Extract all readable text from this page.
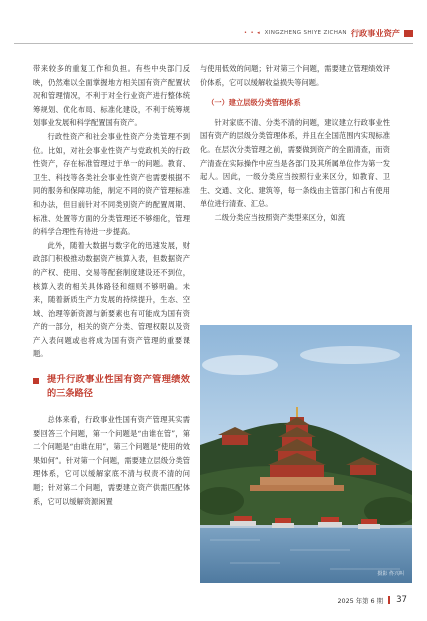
• • ◂ XINGZHENG SHIYE ZICHAN 行政事业资产

带来较多的重复工作和负担。有些中央部门反映，仍然难以全面掌握地方相关国有资产配置状况和管理情况，不利于对全行业资产进行整体统筹规划、优化布局、标准化建设，不利于统筹规划事业发展和科学配置国有资产。

行政性资产和社会事业性资产分类管理不到位。比如，对社会事业性资产与党政机关的行政性资产，存在标准管理过于单一的问题。教育、卫生、科技等各类社会事业性资产也需要根据不同的服务和保障功能，制定不同的资产管理标准和办法，但目前针对不同类别资产的配置周期、标准、处置等方面的分类管理还不够细化，管理的科学合理性有待进一步提高。

此外，随着大数据与数字化的迅速发展，财政部门积极推动数据资产核算入表，但数据资产的产权、使用、交易等配套制度建设还不到位，核算入表的相关具体路径和细则不够明确。未来，随着新质生产力发展的持续提升，生态、空域、治理等新资源与新要素也有可能成为国有资产的一部分，相关的资产分类、管理权限以及资产入表问题或也将成为国有资产管理的重要课题。

提升行政事业性国有资产管理绩效的三条路径

总体来看，行政事业性国有资产管理其实需要回答三个问题，第一个问题是“由谁在管”，第二个问题是“由谁在用”，第三个问题是“使用的效果如何”。针对第一个问题，需要建立层级分类管理体系，它可以缓解家底不清与权责不清的问题；针对第二个问题，需要建立资产供需匹配体系，它可以缓解资源闲置

与使用低效的问题；针对第三个问题，需要建立管理绩效评价体系，它可以缓解收益损失等问题。

（一）建立层级分类管理体系

针对家底不清、分类不清的问题，建议建立行政事业性国有资产的层级分类管理体系，并且在全国范围内实现标准化。在层次分类管理之前，需要做到资产的全面清查，而资产清查在实际操作中应当是各部门及其所属单位作为第一发起人。因此，一级分类应当按照行业来区分，如教育、卫生、交通、文化、建筑等，每一条线由主管部门和占有使用单位进行清查、汇总。

二级分类应当按照资产类型来区分，如流

摄影 佟兴叫
2025 年第 6 期 37
